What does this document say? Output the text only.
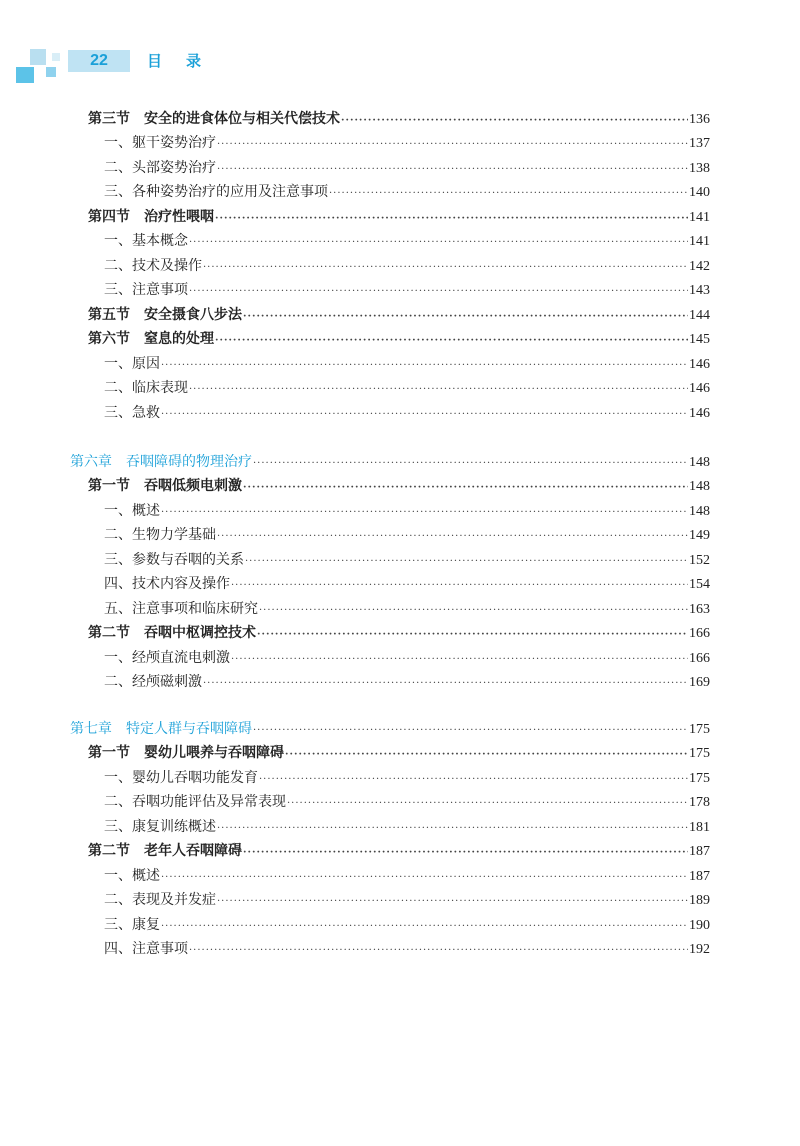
22	目录
第三节　安全的进食体位与相关代偿技术 ·····	136
一、躯干姿势治疗 ·····	137
二、头部姿势治疗 ·····	138
三、各种姿势治疗的应用及注意事项 ·····	140
第四节　治疗性喂咽 ·····	141
一、基本概念 ·····	141
二、技术及操作 ·····	142
三、注意事项 ·····	143
第五节　安全摄食八步法 ·····	144
第六节　窒息的处理 ·····	145
一、原因 ·····	146
二、临床表现 ·····	146
三、急救 ·····	146
第六章　吞咽障碍的物理治疗 ·····	148
第一节　吞咽低频电刺激 ·····	148
一、概述 ·····	148
二、生物力学基础 ·····	149
三、参数与吞咽的关系 ·····	152
四、技术内容及操作 ·····	154
五、注意事项和临床研究 ·····	163
第二节　吞咽中枢调控技术 ·····	166
一、经颅直流电刺激 ·····	166
二、经颅磁刺激 ·····	169
第七章　特定人群与吞咽障碍 ·····	175
第一节　婴幼儿喂养与吞咽障碍 ·····	175
一、婴幼儿吞咽功能发育 ·····	175
二、吞咽功能评估及异常表现 ·····	178
三、康复训练概述 ·····	181
第二节　老年人吞咽障碍 ·····	187
一、概述 ·····	187
二、表现及并发症 ·····	189
三、康复 ·····	190
四、注意事项 ·····	192
